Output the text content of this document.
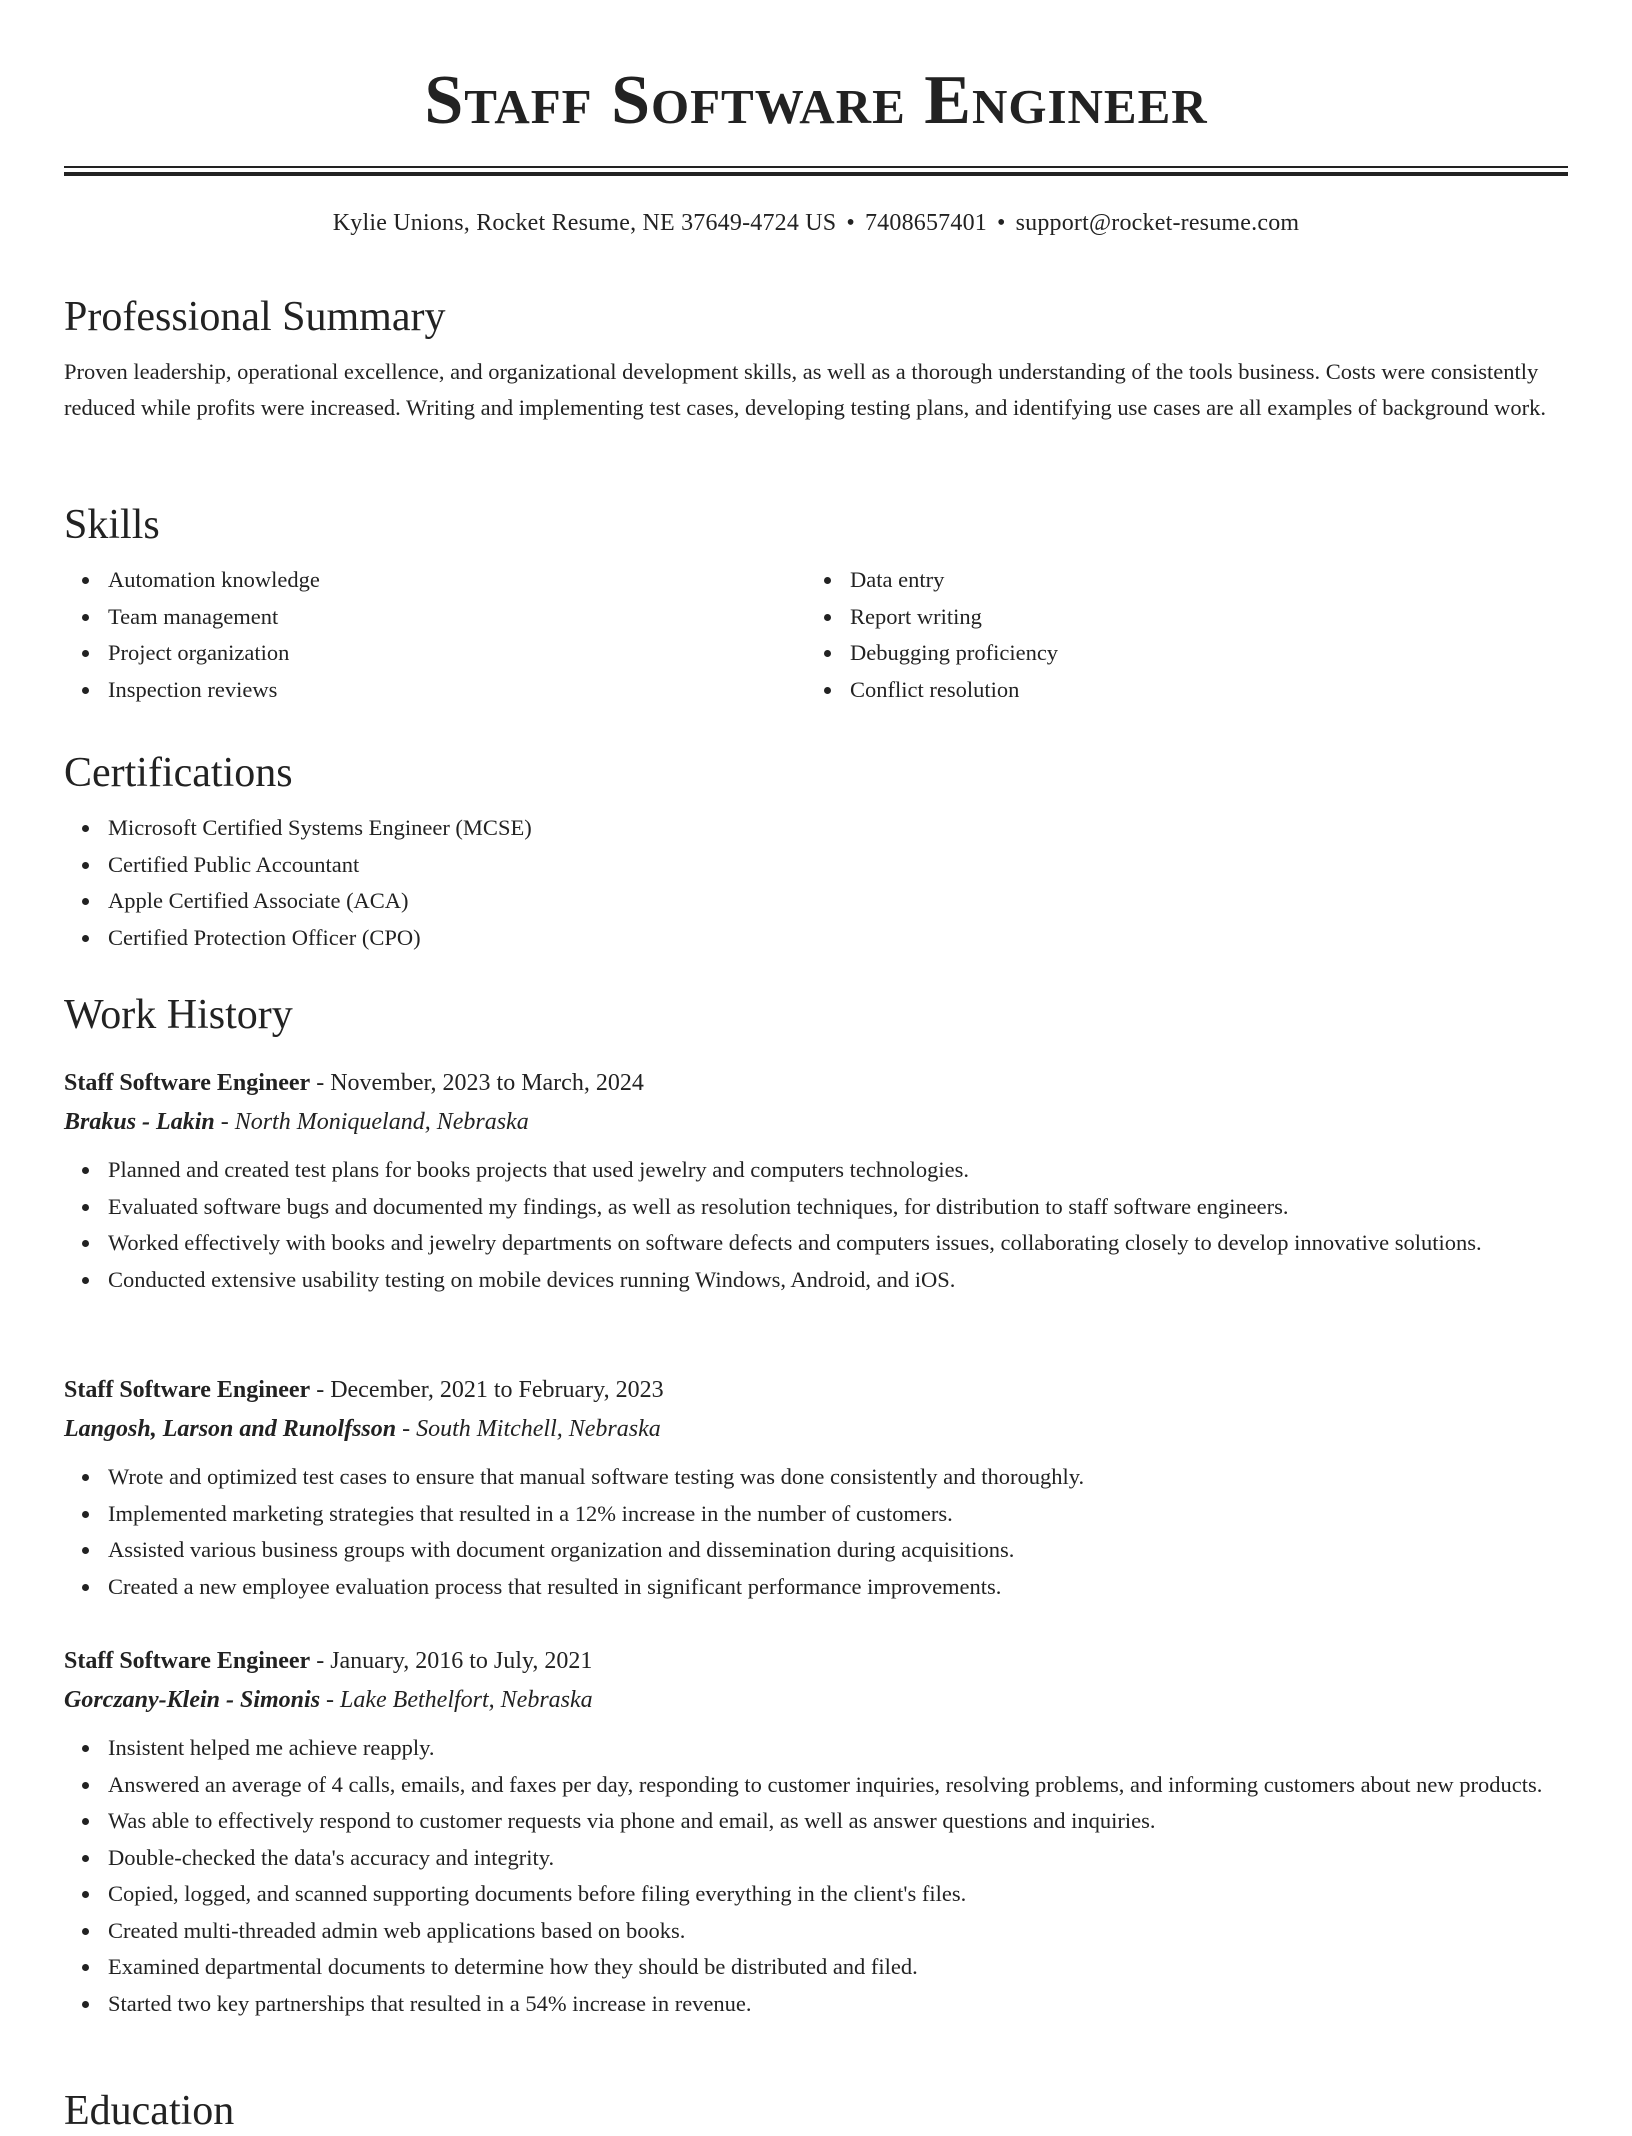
Staff Software Engineer
Kylie Unions, Rocket Resume, NE 37649-4724 US • 7408657401 • support@rocket-resume.com
Professional Summary

Proven leadership, operational excellence, and organizational development skills, as well as a thorough understanding of the tools business. Costs were consistently reduced while profits were increased. Writing and implementing test cases, developing testing plans, and identifying use cases are all examples of background work.

Skills
Automation knowledge
Team management
Project organization
Inspection reviews
Data entry
Report writing
Debugging proficiency
Conflict resolution
Certifications
Microsoft Certified Systems Engineer (MCSE)
Certified Public Accountant
Apple Certified Associate (ACA)
Certified Protection Officer (CPO)
Work History
Staff Software Engineer - November, 2023 to March, 2024
Brakus - Lakin - North Moniqueland, Nebraska
Planned and created test plans for books projects that used jewelry and computers technologies.
Evaluated software bugs and documented my findings, as well as resolution techniques, for distribution to staff software engineers.
Worked effectively with books and jewelry departments on software defects and computers issues, collaborating closely to develop innovative solutions.
Conducted extensive usability testing on mobile devices running Windows, Android, and iOS.
Staff Software Engineer - December, 2021 to February, 2023
Langosh, Larson and Runolfsson - South Mitchell, Nebraska
Wrote and optimized test cases to ensure that manual software testing was done consistently and thoroughly.
Implemented marketing strategies that resulted in a 12% increase in the number of customers.
Assisted various business groups with document organization and dissemination during acquisitions.
Created a new employee evaluation process that resulted in significant performance improvements.
Staff Software Engineer - January, 2016 to July, 2021
Gorczany-Klein - Simonis - Lake Bethelfort, Nebraska
Insistent helped me achieve reapply.
Answered an average of 4 calls, emails, and faxes per day, responding to customer inquiries, resolving problems, and informing customers about new products.
Was able to effectively respond to customer requests via phone and email, as well as answer questions and inquiries.
Double-checked the data's accuracy and integrity.
Copied, logged, and scanned supporting documents before filing everything in the client's files.
Created multi-threaded admin web applications based on books.
Examined departmental documents to determine how they should be distributed and filed.
Started two key partnerships that resulted in a 54% increase in revenue.
Education
